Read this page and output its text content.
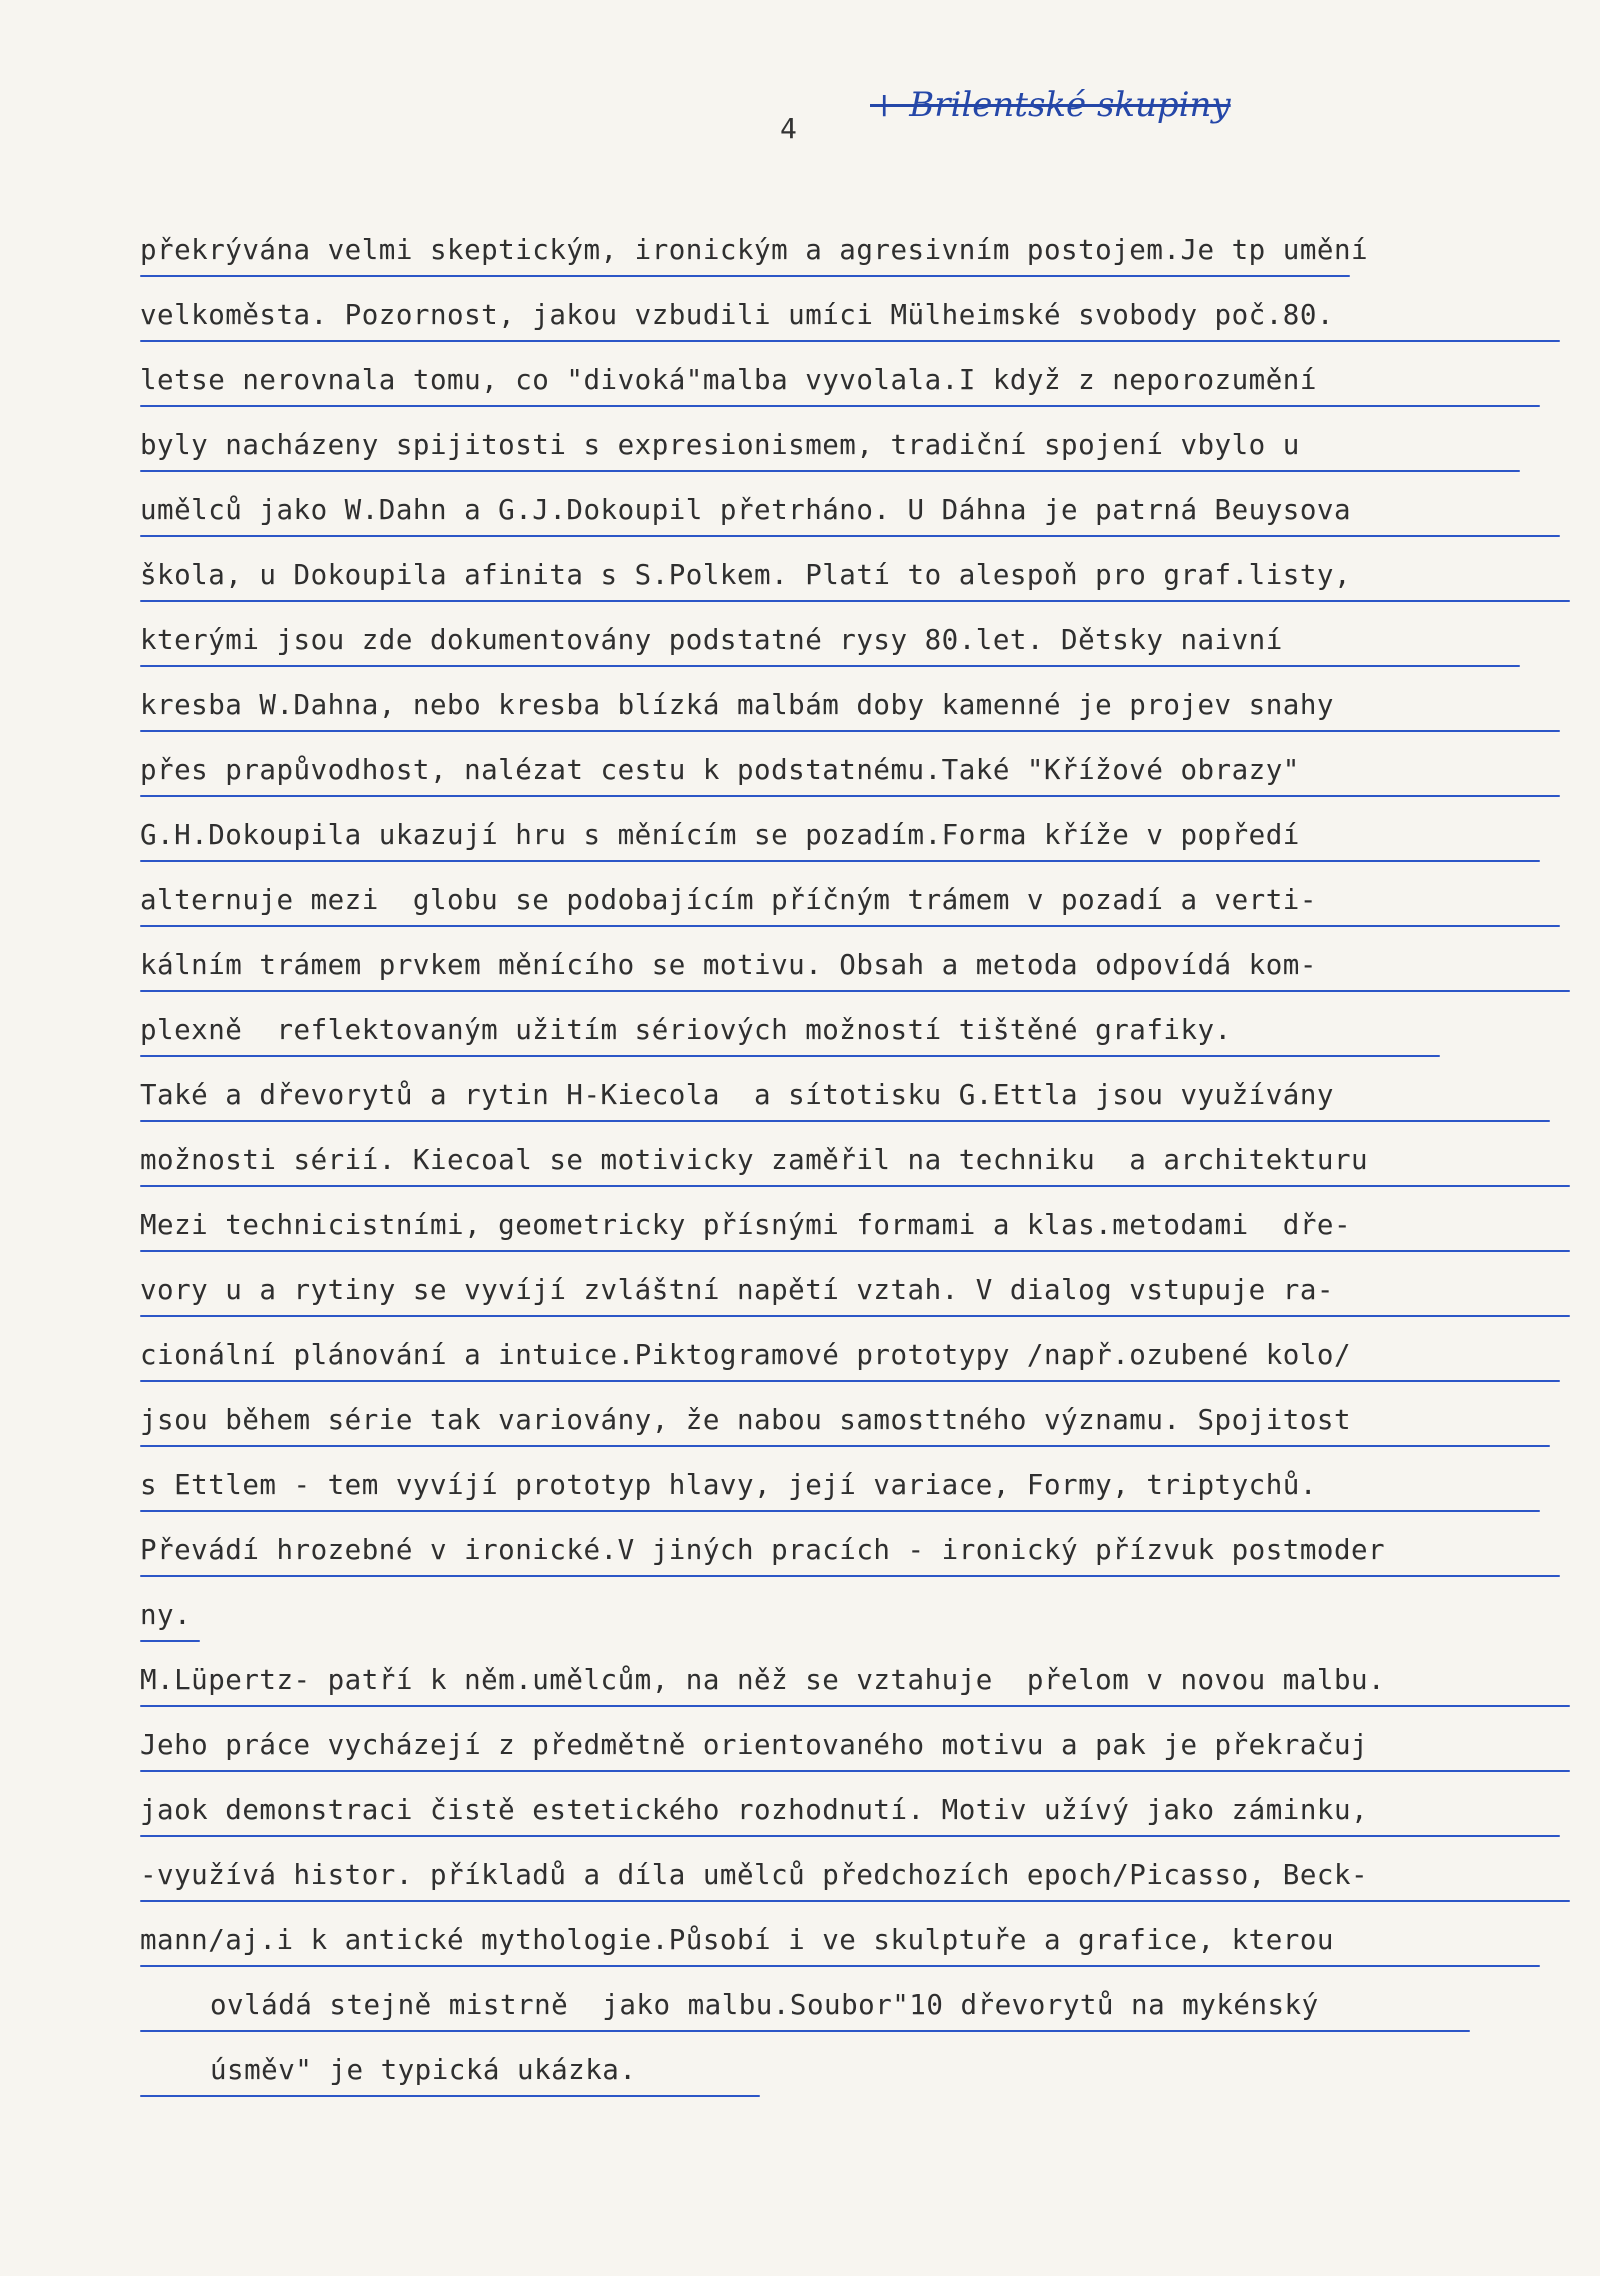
4
+ Brilentské skupiny
překrývána velmi skeptickým, ironickým a agresivním postojem.Je tp umění
velkoměsta. Pozornost, jakou vzbudili umíci Mülheimské svobody poč.80.
letse nerovnala tomu, co "divoká"malba vyvolala.I když z neporozumění
byly nacházeny spijitosti s expresionismem, tradiční spojení vbylo u
umělců jako W.Dahn a G.J.Dokoupil přetrháno. U Dáhna je patrná Beuysova
škola, u Dokoupila afinita s S.Polkem. Platí to alespoň pro graf.listy,
kterými jsou zde dokumentovány podstatné rysy 80.let. Dětsky naivní
kresba W.Dahna, nebo kresba blízká malbám doby kamenné je projev snahy
přes prapůvodhost, nalézat cestu k podstatnému.Také "Křížové obrazy"
G.H.Dokoupila ukazují hru s měnícím se pozadím.Forma kříže v popředí
alternuje mezi  globu se podobajícím příčným trámem v pozadí a verti-
kálním trámem prvkem měnícího se motivu. Obsah a metoda odpovídá kom-
plexně  reflektovaným užitím sériových možností tištěné grafiky.
Také a dřevorytů a rytin H-Kiecola  a sítotisku G.Ettla jsou využívány
možnosti sérií. Kiecoal se motivicky zaměřil na techniku  a architekturu
Mezi technicistními, geometricky přísnými formami a klas.metodami  dře-
vory u a rytiny se vyvíjí zvláštní napětí vztah. V dialog vstupuje ra-
cionální plánování a intuice.Piktogramové prototypy /např.ozubené kolo/
jsou během série tak variovány, že nabou samosttného významu. Spojitost
s Ettlem - tem vyvíjí prototyp hlavy, její variace, Formy, triptychů.
Převádí hrozebné v ironické.V jiných pracích - ironický přízvuk postmoder
ny.
M.Lüpertz- patří k něm.umělcům, na něž se vztahuje  přelom v novou malbu.
Jeho práce vycházejí z předmětně orientovaného motivu a pak je překračuj
jaok demonstraci čistě estetického rozhodnutí. Motiv užívý jako záminku,
-využívá histor. příkladů a díla umělců předchozích epoch/Picasso, Beck-
mann/aj.i k antické mythologie.Působí i ve skulptuře a grafice, kterou
ovládá stejně mistrně  jako malbu.Soubor"10 dřevorytů na mykénský
úsměv" je typická ukázka.
